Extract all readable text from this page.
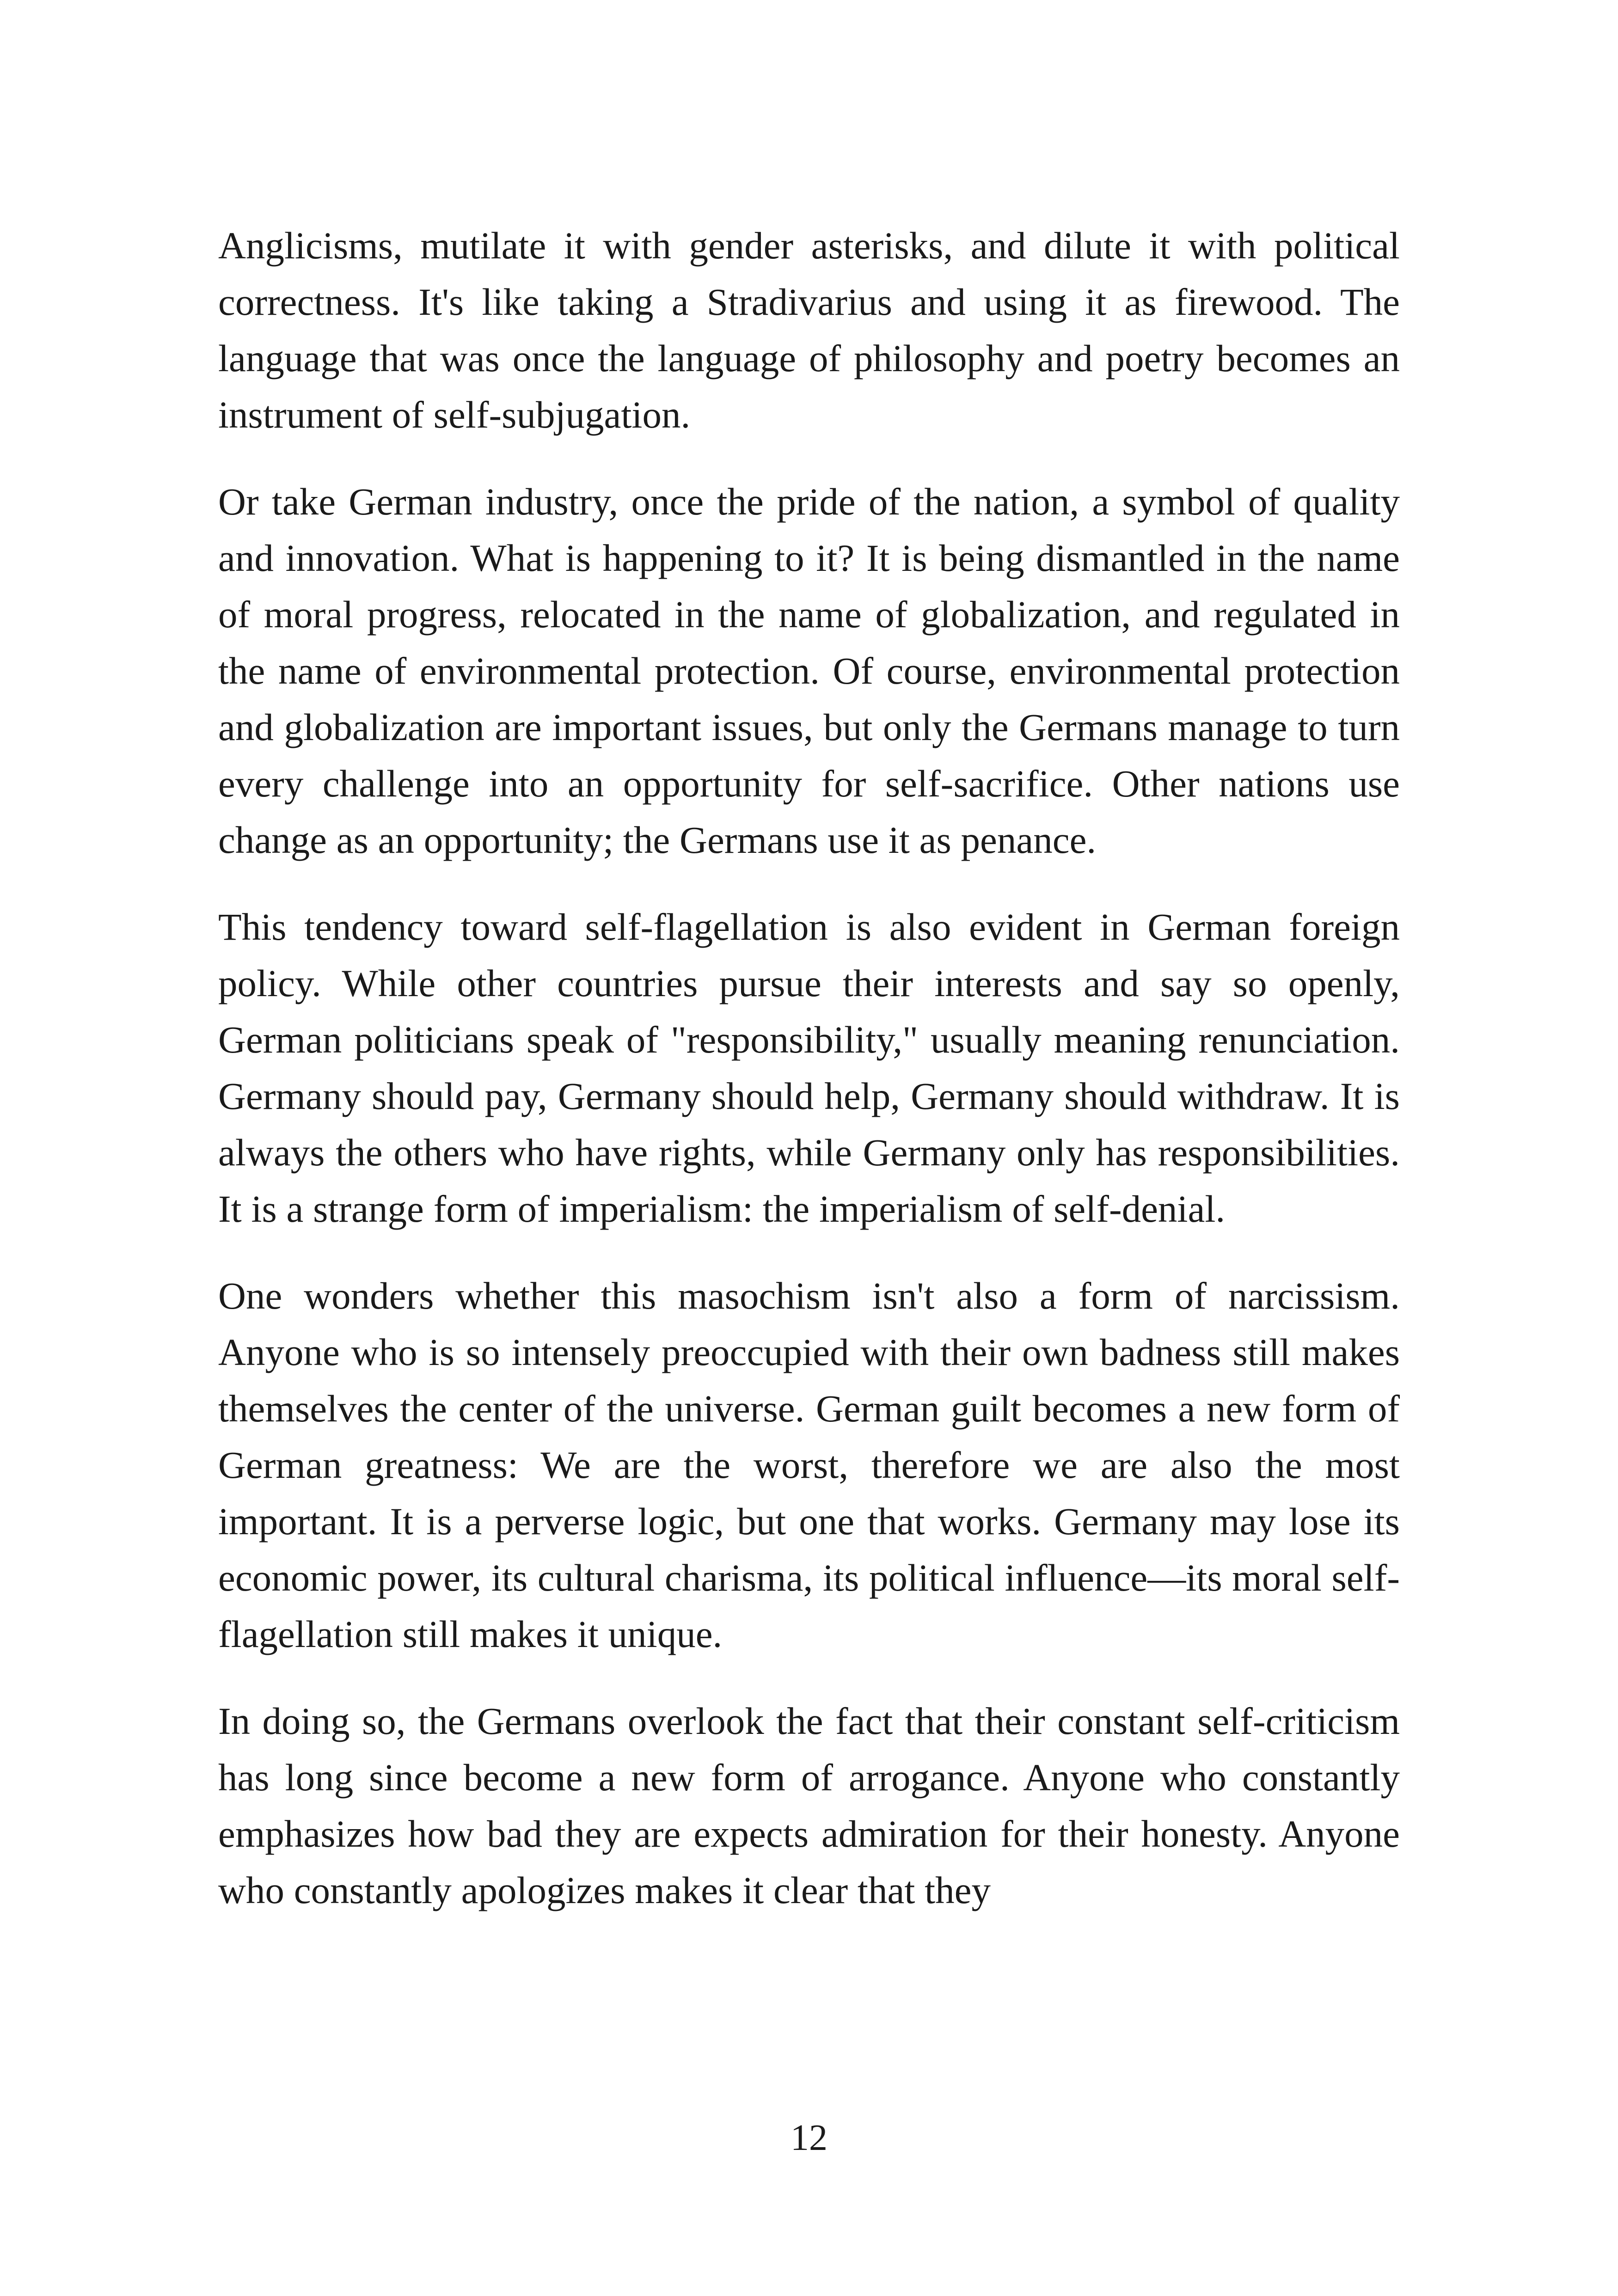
Anglicisms, mutilate it with gender asterisks, and dilute it with political correctness. It's like taking a Stradivarius and using it as firewood. The language that was once the language of philosophy and poetry becomes an instrument of self-subjugation.

Or take German industry, once the pride of the nation, a symbol of quality and innovation. What is happening to it? It is being dismantled in the name of moral progress, relocated in the name of globalization, and regulated in the name of environmental protection. Of course, environmental protection and globalization are important issues, but only the Germans manage to turn every challenge into an opportunity for self-sacrifice. Other nations use change as an opportunity; the Germans use it as penance.

This tendency toward self-flagellation is also evident in German foreign policy. While other countries pursue their interests and say so openly, German politicians speak of "responsibility," usually meaning renunciation. Germany should pay, Germany should help, Germany should withdraw. It is always the others who have rights, while Germany only has responsibilities. It is a strange form of imperialism: the imperialism of self-denial.

One wonders whether this masochism isn't also a form of narcissism. Anyone who is so intensely preoccupied with their own badness still makes themselves the center of the universe. German guilt becomes a new form of German greatness: We are the worst, therefore we are also the most important. It is a perverse logic, but one that works. Germany may lose its economic power, its cultural charisma, its political influence—its moral self-flagellation still makes it unique.

In doing so, the Germans overlook the fact that their constant self-criticism has long since become a new form of arrogance. Anyone who constantly emphasizes how bad they are expects admiration for their honesty. Anyone who constantly apologizes makes it clear that they

12
